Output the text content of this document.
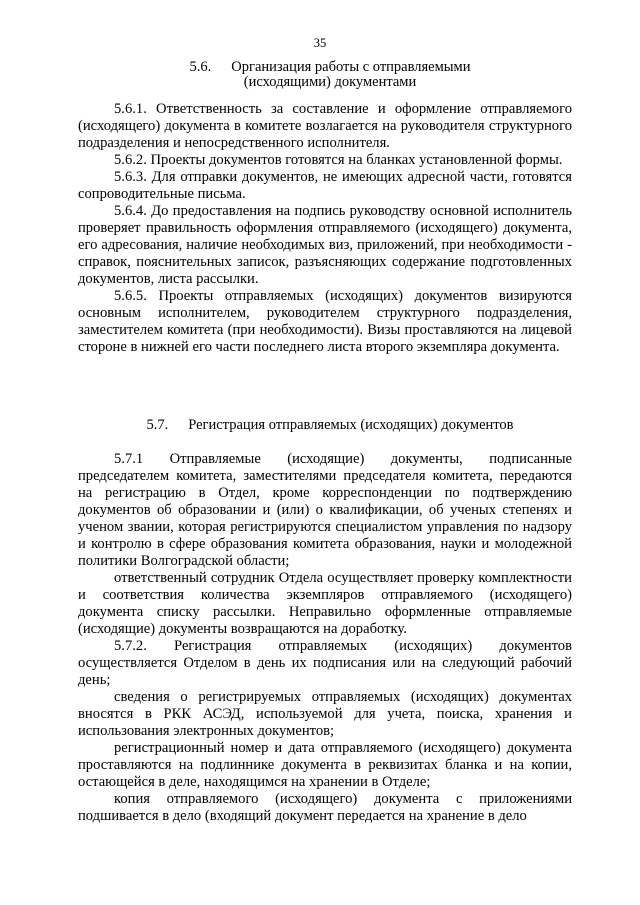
35
5.6. Организация работы с отправляемыми
(исходящими) документами

5.6.1. Ответственность за составление и оформление отправляемого (исходящего) документа в комитете возлагается на руководителя структурного подразделения и непосредственного исполнителя.

5.6.2. Проекты документов готовятся на бланках установленной формы.

5.6.3. Для отправки документов, не имеющих адресной части, готовятся сопроводительные письма.

5.6.4. До предоставления на подпись руководству основной исполнитель проверяет правильность оформления отправляемого (исходящего) документа, его адресования, наличие необходимых виз, приложений, при необходимости - справок, пояснительных записок, разъясняющих содержание подготовленных документов, листа рассылки.

5.6.5. Проекты отправляемых (исходящих) документов визируются основным исполнителем, руководителем структурного подразделения, заместителем комитета (при необходимости). Визы проставляются на лицевой стороне в нижней его части последнего листа второго экземпляра документа.

5.7. Регистрация отправляемых (исходящих) документов

5.7.1 Отправляемые (исходящие) документы, подписанные председателем комитета, заместителями председателя комитета, передаются на регистрацию в Отдел, кроме корреспонденции по подтверждению документов об образовании и (или) о квалификации, об ученых степенях и ученом звании, которая регистрируются специалистом управления по надзору и контролю в сфере образования комитета образования, науки и молодежной политики Волгоградской области;

ответственный сотрудник Отдела осуществляет проверку комплектности и соответствия количества экземпляров отправляемого (исходящего) документа списку рассылки. Неправильно оформленные отправляемые (исходящие) документы возвращаются на доработку.

5.7.2. Регистрация отправляемых (исходящих) документов осуществляется Отделом в день их подписания или на следующий рабочий день;

сведения о регистрируемых отправляемых (исходящих) документах вносятся в РКК АСЭД, используемой для учета, поиска, хранения и использования электронных документов;

регистрационный номер и дата отправляемого (исходящего) документа проставляются на подлиннике документа в реквизитах бланка и на копии, остающейся в деле, находящимся на хранении в Отделе;

копия отправляемого (исходящего) документа с приложениями подшивается в дело (входящий документ передается на хранение в дело
